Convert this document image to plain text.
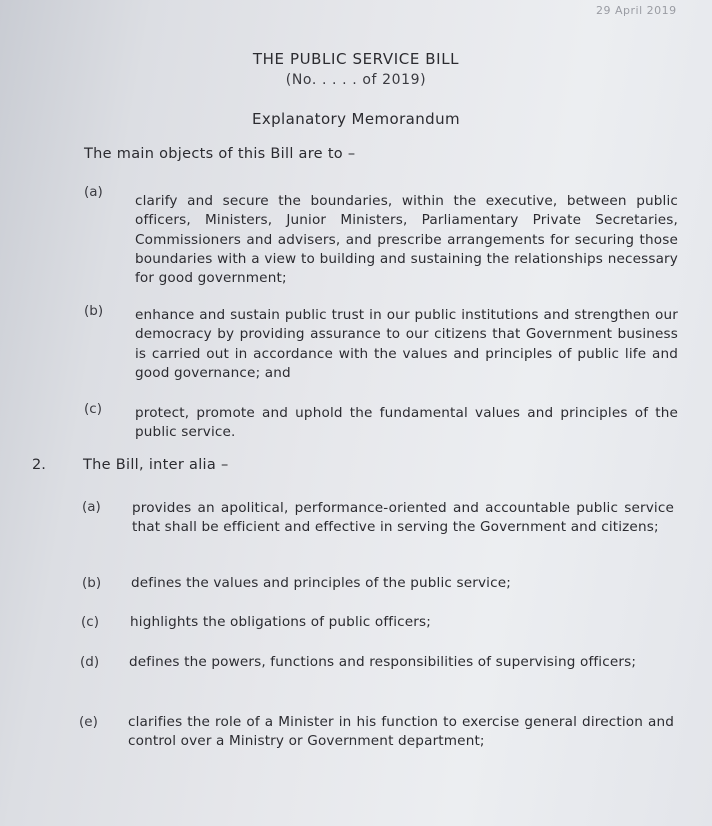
29 April 2019
THE PUBLIC SERVICE BILL
(No. . . . . of 2019)
Explanatory Memorandum
The main objects of this Bill are to –
(a)
clarify and secure the boundaries, within the executive, between public officers, Ministers, Junior Ministers, Parliamentary Private Secretaries, Commissioners and advisers, and prescribe arrangements for securing those boundaries with a view to building and sustaining the relationships necessary for good government;
(b) enhance and sustain public trust in our public institutions and strengthen our democracy by providing assurance to our citizens that Government business is carried out in accordance with the values and principles of public life and good governance; and
(c) protect, promote and uphold the fundamental values and principles of the public service.
2.	The Bill, inter alia –
(a) provides an apolitical, performance-oriented and accountable public service that shall be efficient and effective in serving the Government and citizens;
(b) defines the values and principles of the public service;
(c) highlights the obligations of public officers;
(d) defines the powers, functions and responsibilities of supervising officers;
(e) clarifies the role of a Minister in his function to exercise general direction and control over a Ministry or Government department;
